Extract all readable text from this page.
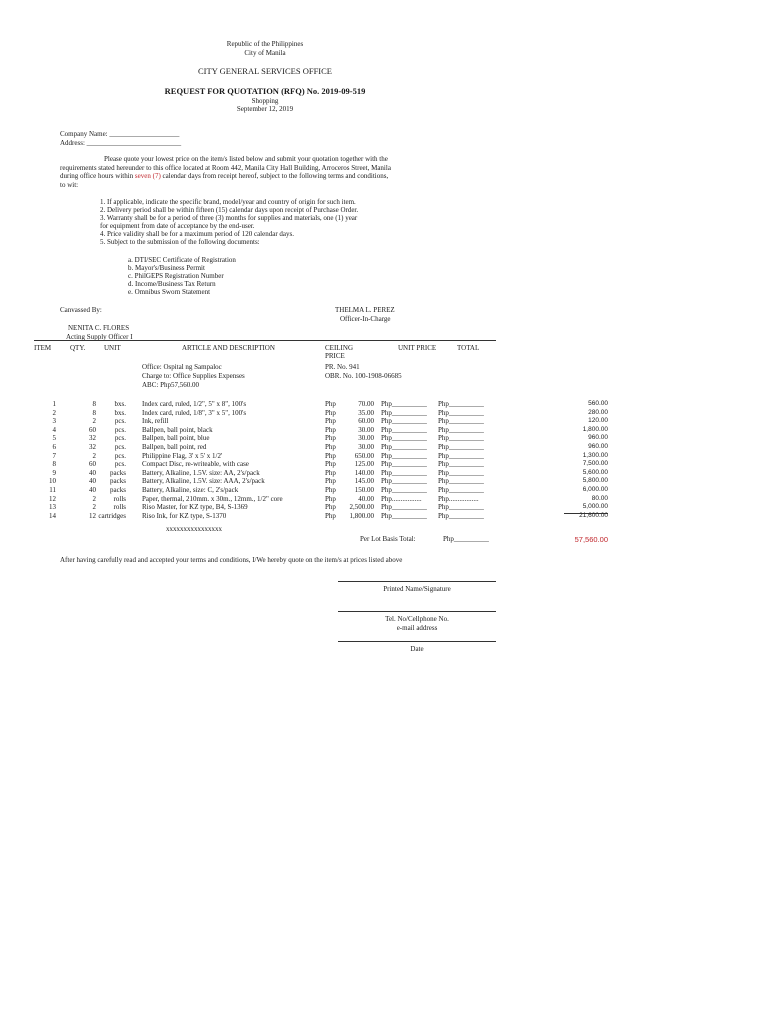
Republic of the Philippines
City of Manila
CITY GENERAL SERVICES OFFICE
REQUEST FOR QUOTATION (RFQ) No. 2019-09-519
Shopping
September 12, 2019
Company Name: ____________________
Address: ___________________________
Please quote your lowest price on the item/s listed below and submit your quotation together with the
requirements stated hereunder to this office located at Room 442, Manila City Hall Building, Arroceros Street, Manila
during office hours within seven (7) calendar days from receipt hereof, subject to the following terms and conditions,
to wit:
1. If applicable, indicate the specific brand, model/year and country of origin for such item.
2. Delivery period shall be within fifteen (15) calendar days upon receipt of Purchase Order.
3. Warranty shall be for a period of three (3) months for supplies and materials, one (1) year
for equipment from date of acceptance by the end-user.
4. Price validity shall be for a maximum period of 120 calendar days.
5. Subject to the submission of the following documents:
a. DTI/SEC Certificate of Registration
b. Mayor's/Business Permit
c. PhilGEPS Registration Number
d. Income/Business Tax Return
e. Omnibus Sworn Statement
Canvassed By:	THELMA L. PEREZ
Officer-In-Charge
NENITA C. FLORES
Acting Supply Officer I
ITEM	QTY.	UNIT	ARTICLE AND DESCRIPTION	CEILING
PRICE
UNIT PRICE	TOTAL
Office: Ospital ng Sampaloc
Charge to: Office Supplies Expenses
ABC: Php57,560.00
PR. No. 941
OBR. No. 100-1908-06685
1	8	bxs. Index card, ruled, 1/2", 5" x 8", 100's	Php	70.00 Php__________	Php__________	560.00
2	8	bxs. Index card, ruled, 1/8", 3" x 5", 100's	Php	35.00 Php__________	Php__________	280.00
3	2	pcs. Ink, refill	Php	60.00 Php__________	Php__________	120.00
4	60	pcs. Ballpen, ball point, black	Php	30.00 Php__________	Php__________	1,800.00
5	32	pcs. Ballpen, ball point, blue	Php	30.00 Php__________	Php__________	960.00
6	32	pcs. Ballpen, ball point, red	Php	30.00 Php__________	Php__________	960.00
7	2	pcs. Philippine Flag, 3' x 5' x 1/2'	Php	650.00 Php__________	Php__________	1,300.00
8	60	pcs. Compact Disc, re-writeable, with case	Php	125.00 Php__________	Php__________	7,500.00
9	40	packs Battery, Alkaline, 1.5V. size: AA, 2's/pack	Php	140.00 Php__________	Php__________	5,600.00
10	40	packs Battery, Alkaline, 1.5V. size: AAA, 2's/pack	Php	145.00 Php__________	Php__________	5,800.00
11	40	packs Battery, Alkaline, size: C, 2's/pack	Php	150.00 Php__________	Php__________	6,000.00
12	2	rolls Paper, thermal, 210mm. x 30m., 12mm., 1/2" core	Php	40.00 Php.................	Php.................	80.00
13	2	rolls Riso Master, for KZ type, B4, S-1369	Php	2,500.00 Php__________	Php__________	5,000.00
14	12 cartridges Riso Ink, for KZ type, S-1370	Php	1,800.00 Php__________	Php__________	21,600.00
xxxxxxxxxxxxxxxx
Per Lot Basis Total:	Php__________	57,560.00
After having carefully read and accepted your terms and conditions, I/We hereby quote on the item/s at prices listed above
Printed Name/Signature
Tel. No/Cellphone No.
e-mail address
Date
